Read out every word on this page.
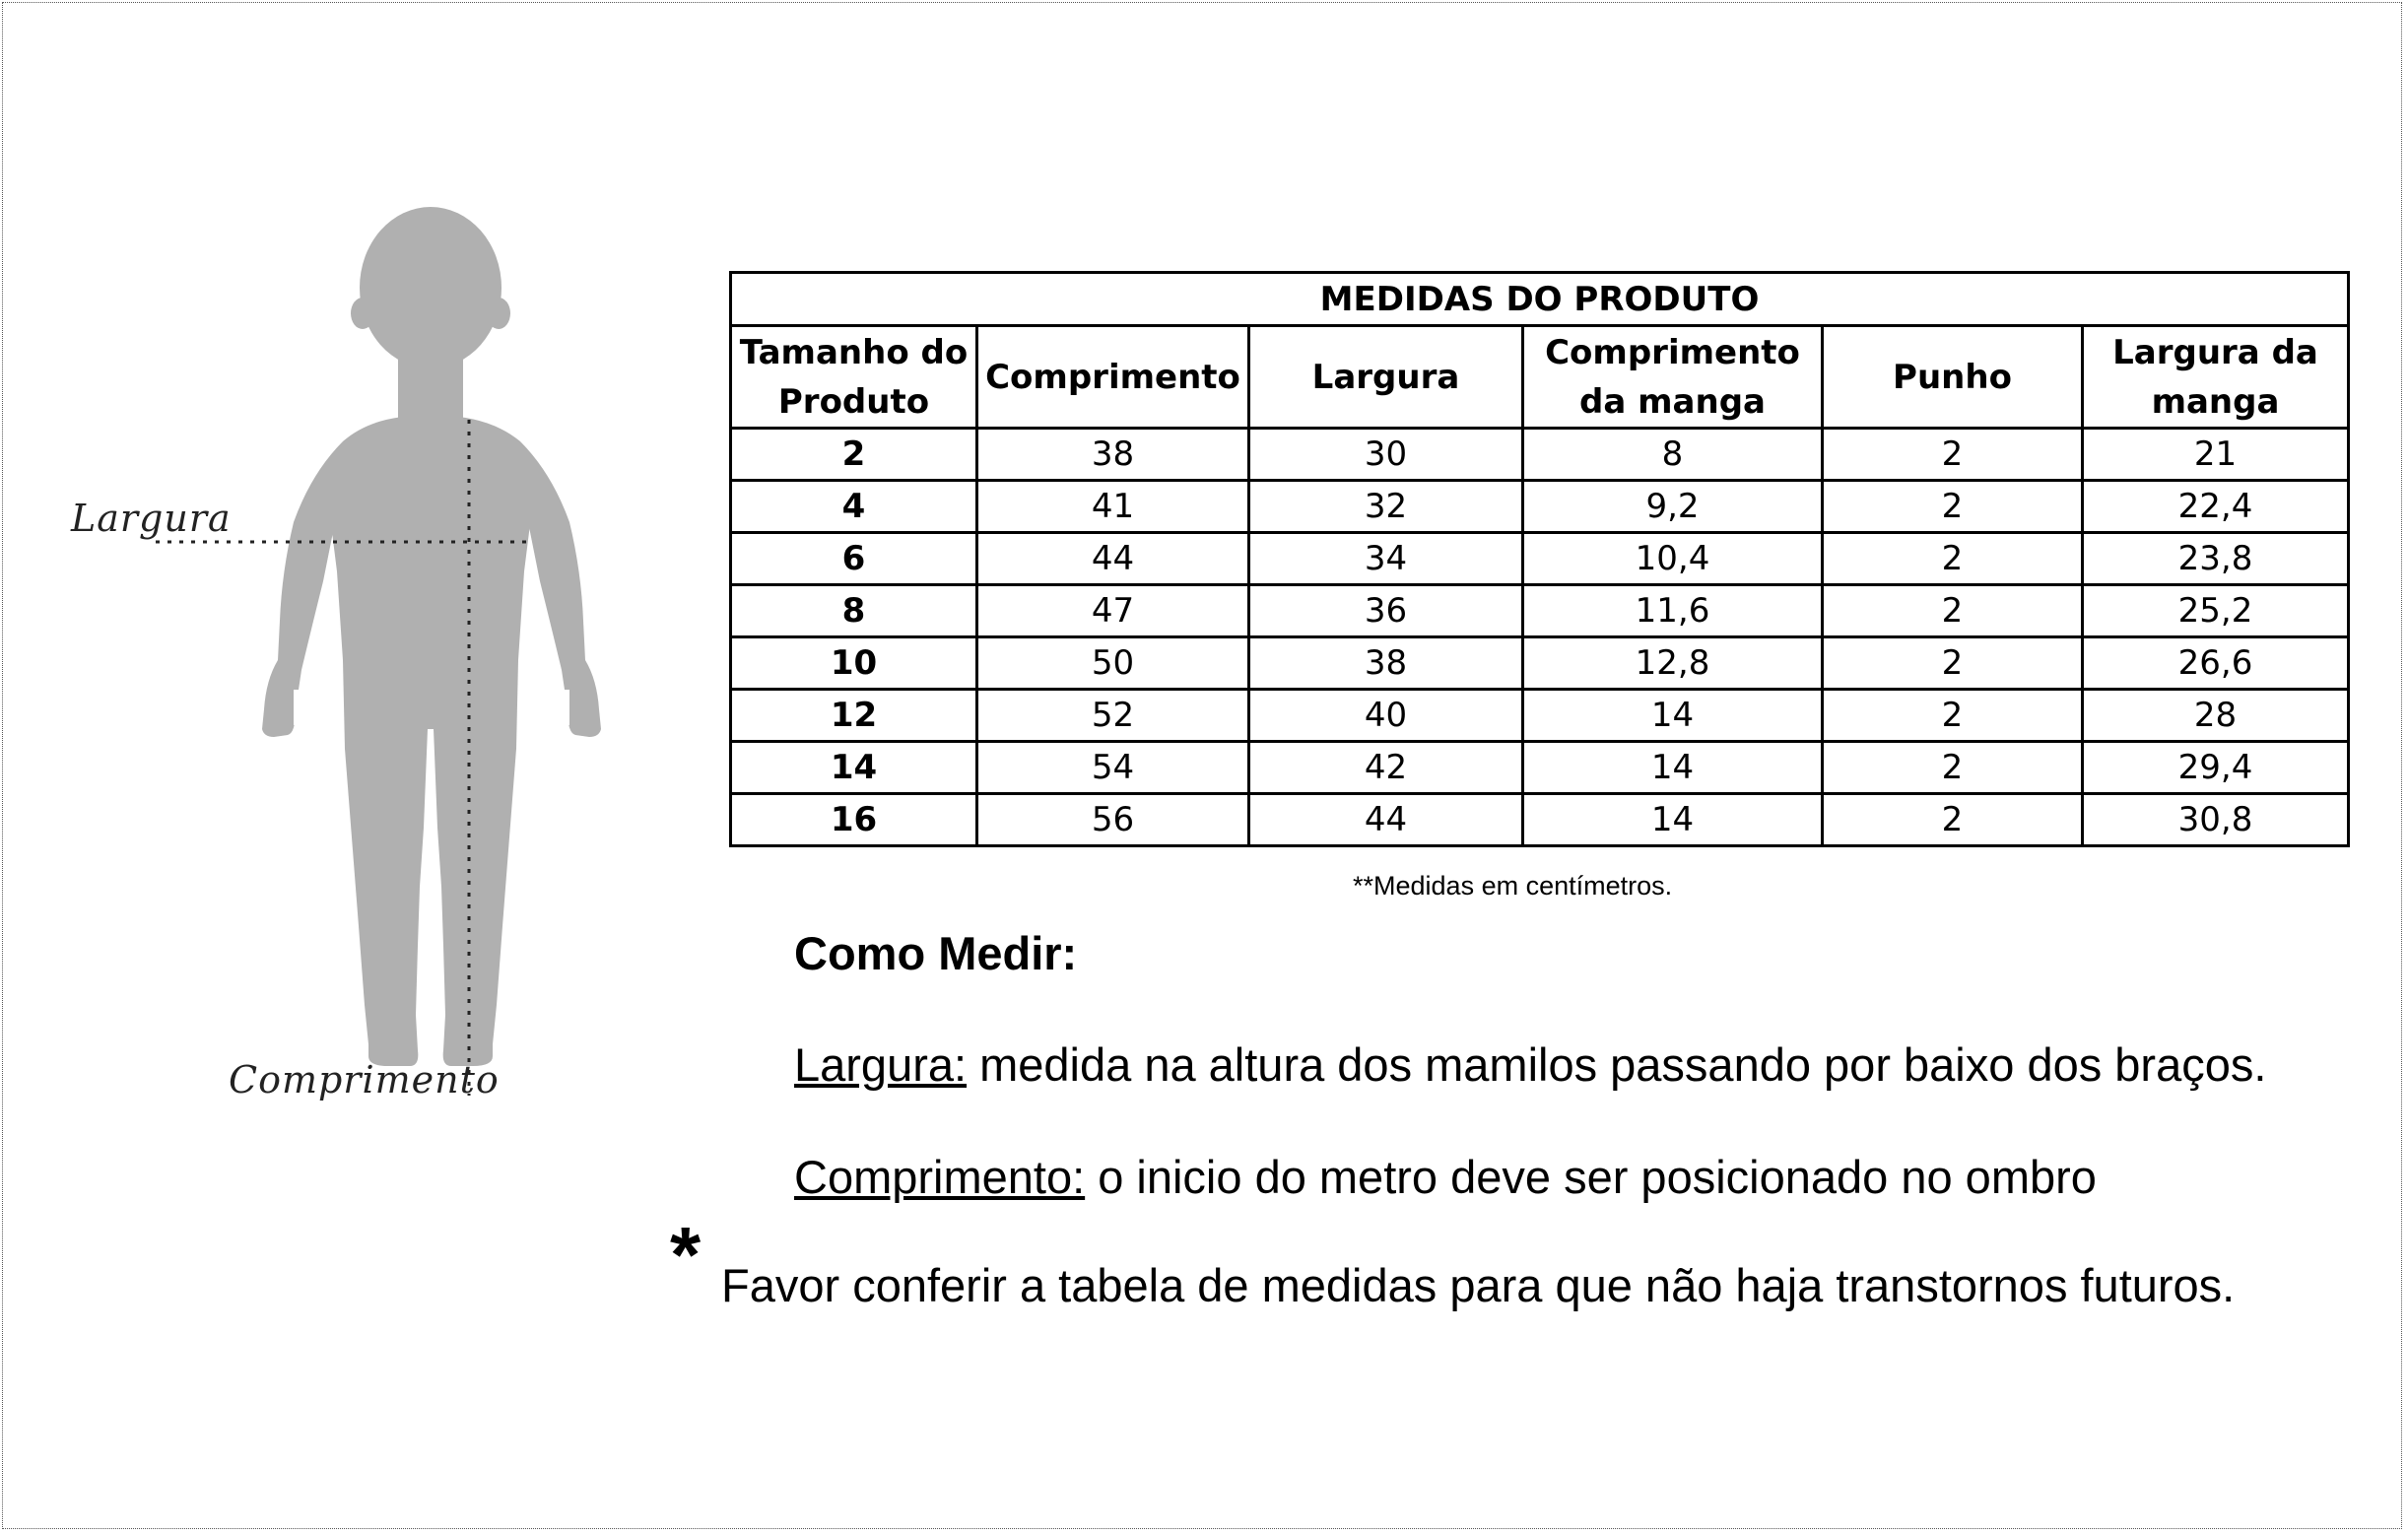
Largura
Comprimento
MEDIDAS DO PRODUTO					
Tamanho do Produto	Comprimento	Largura	Comprimento da manga	Punho	Largura da manga
2	38	30	8	2	21
4	41	32	9,2	2	22,4
6	44	34	10,4	2	23,8
8	47	36	11,6	2	25,2
10	50	38	12,8	2	26,6
12	52	40	14	2	28
14	54	42	14	2	29,4
16	56	44	14	2	30,8
**Medidas em centímetros.
Como Medir:
Largura: medida na altura dos mamilos passando por baixo dos braços.
Comprimento: o inicio do metro deve ser posicionado no ombro
* Favor conferir a tabela de medidas para que não haja transtornos futuros.
